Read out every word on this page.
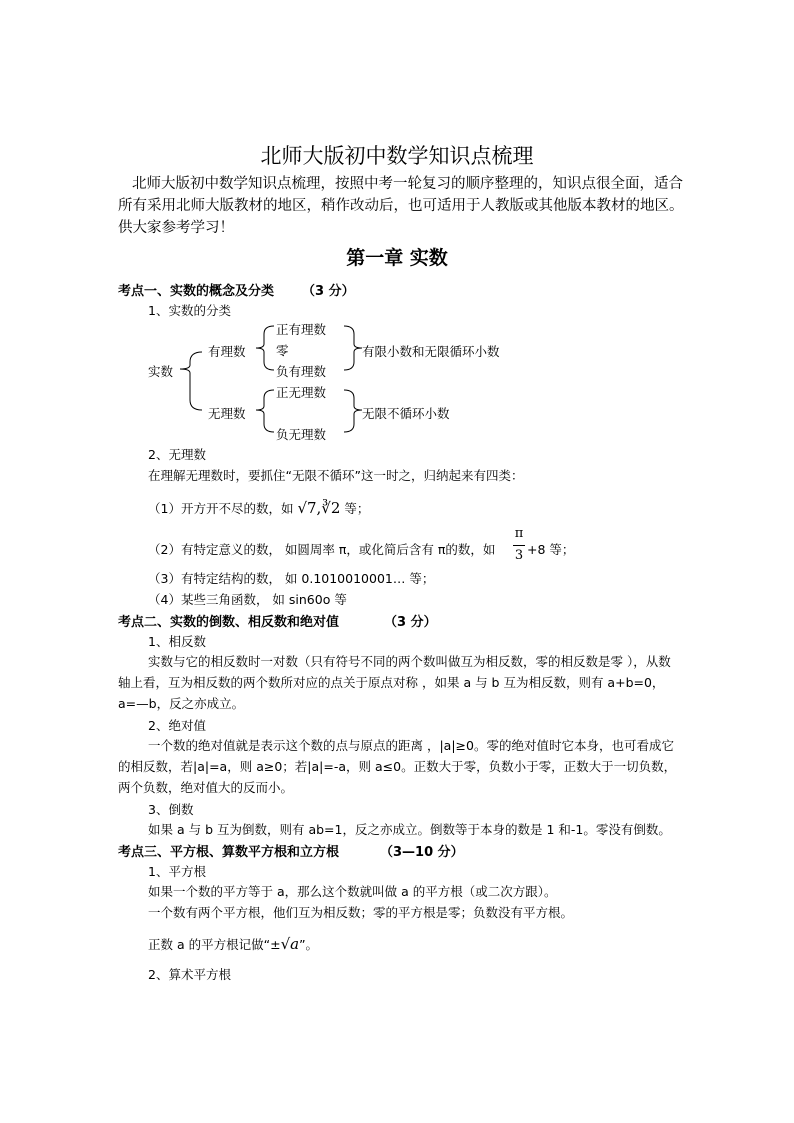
北师大版初中数学知识点梳理
北师大版初中数学知识点梳理，按照中考一轮复习的顺序整理的，知识点很全面，适合所有采用北师大版教材的地区，稍作改动后，也可适用于人教版或其他版本教材的地区。 供大家参考学习！
第一章 实数
考点一、实数的概念及分类 （3 分）
1、实数的分类
实数
有理数
正有理数
零
负有理数
有限小数和无限循环小数
无理数
正无理数
负无理数
无限不循环小数
2、无理数
在理解无理数时，要抓住“无限不循环”这一时之，归纳起来有四类：
（1）开方开不尽的数，如 √7,∛2 等；
（2）有特定意义的数， 如圆周率 π，或化简后含有 π的数，如
π
3 +8 等；
（3）有特定结构的数， 如 0.1010010001… 等；
（4）某些三角函数， 如 sin60o 等
考点二、实数的倒数、相反数和绝对值	（3 分）
1、相反数
实数与它的相反数时一对数（只有符号不同的两个数叫做互为相反数，零的相反数是零 ），从数轴上看，互为相反数的两个数所对应的点关于原点对称 ，如果 a 与 b 互为相反数，则有 a+b=0，a=—b，反之亦成立。
2、绝对值
一个数的绝对值就是表示这个数的点与原点的距离 ，|a|≥0。零的绝对值时它本身，也可看成它的相反数，若|a|=a，则 a≥0；若|a|=-a，则 a≤0。正数大于零，负数小于零，正数大于一切负数，两个负数，绝对值大的反而小。
3、倒数
如果 a 与 b 互为倒数，则有 ab=1，反之亦成立。倒数等于本身的数是 1 和-1。零没有倒数。
考点三、平方根、算数平方根和立方根	（3—10 分）
1、平方根
如果一个数的平方等于 a，那么这个数就叫做 a 的平方根（或二次方跟）。
一个数有两个平方根，他们互为相反数；零的平方根是零；负数没有平方根。
正数 a 的平方根记做“±√a”。
2、算术平方根
